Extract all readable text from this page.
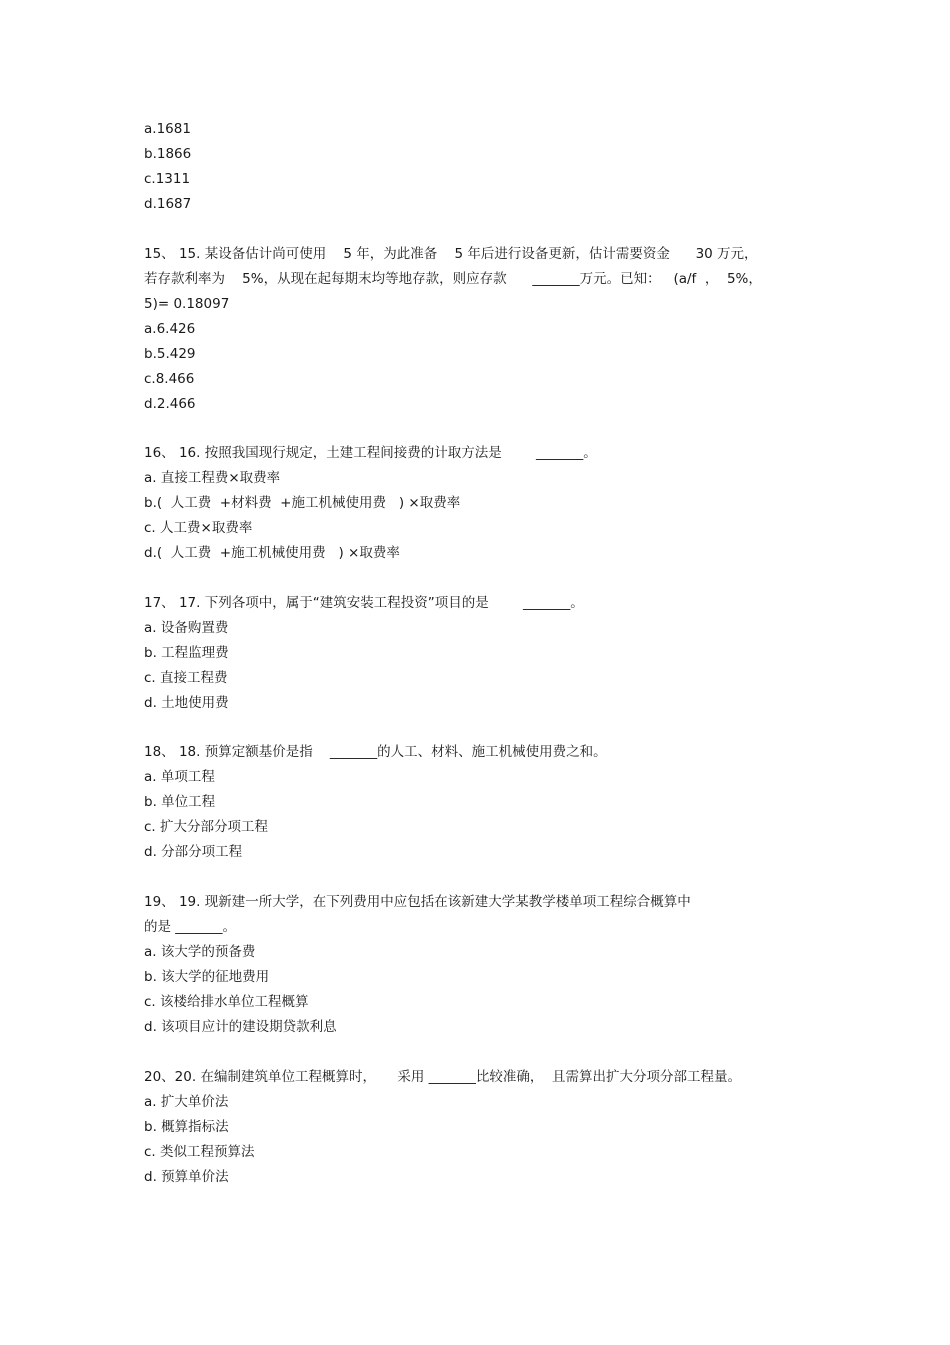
a.1681
b.1866
c.1311
d.1687
15、 15. 某设备估计尚可使用    5 年，为此准备    5 年后进行设备更新，估计需要资金      30 万元，
若存款利率为    5%，从现在起每期末均等地存款，则应存款      _______万元。已知：   (a/f  ，  5%，
5)= 0.18097
a.6.426
b.5.429
c.8.466
d.2.466
16、 16. 按照我国现行规定，土建工程间接费的计取方法是        _______。
a. 直接工程费×取费率
b.(  人工费  +材料费  +施工机械使用费   ) ×取费率
c. 人工费×取费率
d.(  人工费  +施工机械使用费   ) ×取费率
17、 17. 下列各项中，属于“建筑安装工程投资”项目的是        _______。
a. 设备购置费
b. 工程监理费
c. 直接工程费
d. 土地使用费
18、 18. 预算定额基价是指    _______的人工、材料、施工机械使用费之和。
a. 单项工程
b. 单位工程
c. 扩大分部分项工程
d. 分部分项工程
19、 19. 现新建一所大学，在下列费用中应包括在该新建大学某教学楼单项工程综合概算中
的是 _______。
a. 该大学的预备费
b. 该大学的征地费用
c. 该楼给排水单位工程概算
d. 该项目应计的建设期贷款利息
20、20. 在编制建筑单位工程概算时，     采用 _______比较准确，  且需算出扩大分项分部工程量。
a. 扩大单价法
b. 概算指标法
c. 类似工程预算法
d. 预算单价法
